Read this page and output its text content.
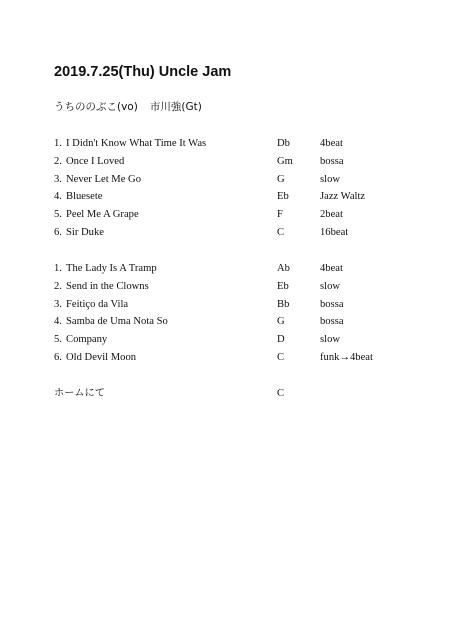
2019.7.25(Thu) Uncle Jam
うちののぶこ(vo) 市川強(Gt)
1. I Didn't Know What Time It Was	Db	4beat
2. Once I Loved	Gm	bossa
3. Never Let Me Go	G	slow
4. Bluesete	Eb	Jazz Waltz
5. Peel Me A Grape	F	2beat
6. Sir Duke	C	16beat
1. The Lady Is A Tramp	Ab	4beat
2. Send in the Clowns	Eb	slow
3. Feitiço da Vila	Bb	bossa
4. Samba de Uma Nota So	G	bossa
5. Company	D	slow
6. Old Devil Moon	C	funk→4beat
ホームにて	C
